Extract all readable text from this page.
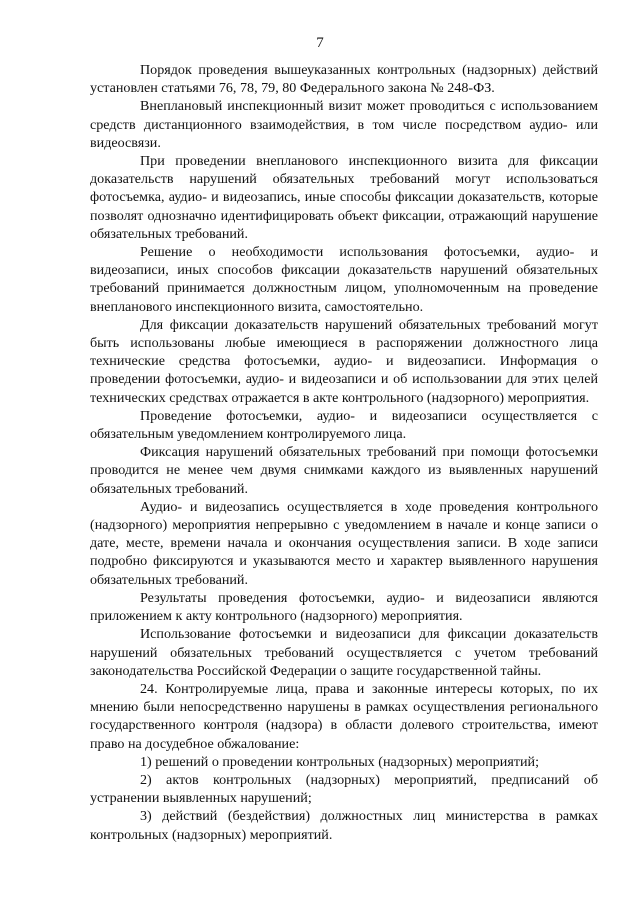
7

Порядок проведения вышеуказанных контрольных (надзорных) действий установлен статьями 76, 78, 79, 80 Федерального закона № 248-ФЗ.

Внеплановый инспекционный визит может проводиться с использованием средств дистанционного взаимодействия, в том числе посредством аудио- или видеосвязи.

При проведении внепланового инспекционного визита для фиксации доказательств нарушений обязательных требований могут использоваться фотосъемка, аудио- и видеозапись, иные способы фиксации доказательств, которые позволят однозначно идентифицировать объект фиксации, отражающий нарушение обязательных требований.

Решение о необходимости использования фотосъемки, аудио- и видеозаписи, иных способов фиксации доказательств нарушений обязательных требований принимается должностным лицом, уполномоченным на проведение внепланового инспекционного визита, самостоятельно.

Для фиксации доказательств нарушений обязательных требований могут быть использованы любые имеющиеся в распоряжении должностного лица технические средства фотосъемки, аудио- и видеозаписи. Информация о проведении фотосъемки, аудио- и видеозаписи и об использовании для этих целей технических средствах отражается в акте контрольного (надзорного) мероприятия.

Проведение фотосъемки, аудио- и видеозаписи осуществляется с обязательным уведомлением контролируемого лица.

Фиксация нарушений обязательных требований при помощи фотосъемки проводится не менее чем двумя снимками каждого из выявленных нарушений обязательных требований.

Аудио- и видеозапись осуществляется в ходе проведения контрольного (надзорного) мероприятия непрерывно с уведомлением в начале и конце записи о дате, месте, времени начала и окончания осуществления записи. В ходе записи подробно фиксируются и указываются место и характер выявленного нарушения обязательных требований.

Результаты проведения фотосъемки, аудио- и видеозаписи являются приложением к акту контрольного (надзорного) мероприятия.

Использование фотосъемки и видеозаписи для фиксации доказательств нарушений обязательных требований осуществляется с учетом требований законодательства Российской Федерации о защите государственной тайны.

24. Контролируемые лица, права и законные интересы которых, по их мнению были непосредственно нарушены в рамках осуществления регионального государственного контроля (надзора) в области долевого строительства, имеют право на досудебное обжалование:

1) решений о проведении контрольных (надзорных) мероприятий;

2) актов контрольных (надзорных) мероприятий, предписаний об устранении выявленных нарушений;

3) действий (бездействия) должностных лиц министерства в рамках контрольных (надзорных) мероприятий.
